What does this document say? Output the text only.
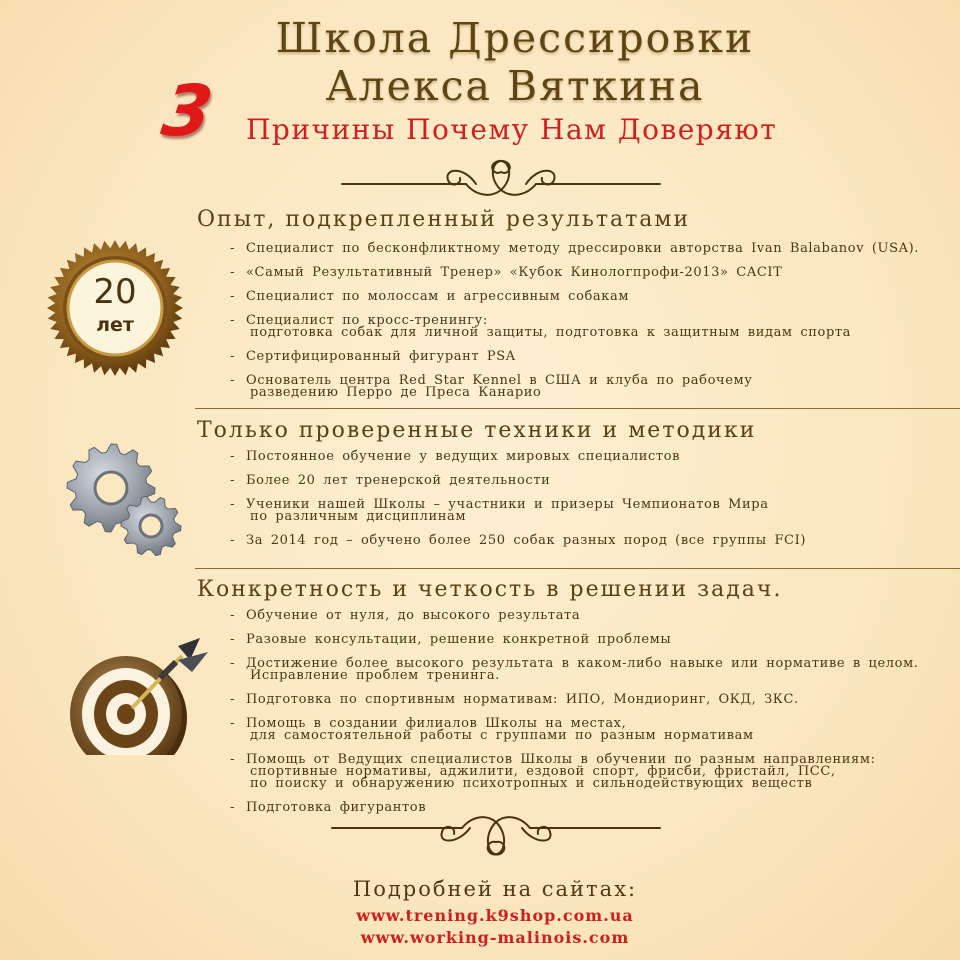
Школа Дрессировки
Алекса Вяткина
3 Причины Почему Нам Доверяют
Опыт, подкрепленный результатами
20
лет
- Специалист по бесконфликтному методу дрессировки авторства Ivan Balabanov (USA).
- «Самый Результативный Тренер» «Кубок Кинологпрофи-2013» CACIT
- Специалист по молоссам и агрессивным собакам
- Специалист по кросс-тренингу:
подготовка собак для личной защиты, подготовка к защитным видам спорта
- Сертифицированный фигурант PSA
- Основатель центра Red Star Kennel в США и клуба по рабочему
разведению Перро де Преса Канарио
Только проверенные техники и методики
- Постоянное обучение у ведущих мировых специалистов
- Более 20 лет тренерской деятельности
- Ученики нашей Школы – участники и призеры Чемпионатов Мира
по различным дисциплинам
- За 2014 год – обучено более 250 собак разных пород (все группы FCI)
Конкретность и четкость в решении задач.
- Обучение от нуля, до высокого результата
- Разовые консультации, решение конкретной проблемы
- Достижение более высокого результата в каком-либо навыке или нормативе в целом.
Исправление проблем тренинга.
- Подготовка по спортивным нормативам: ИПО, Мондиоринг, ОКД, ЗКС.
- Помощь в создании филиалов Школы на местах,
для самостоятельной работы с группами по разным нормативам
- Помощь от Ведущих специалистов Школы в обучении по разным направлениям:
спортивные нормативы, аджилити, ездовой спорт, фрисби, фристайл, ПСС,
по поиску и обнаружению психотропных и сильнодействующих веществ
- Подготовка фигурантов
Подробней на сайтах:
www.trening.k9shop.com.ua
www.working-malinois.com
